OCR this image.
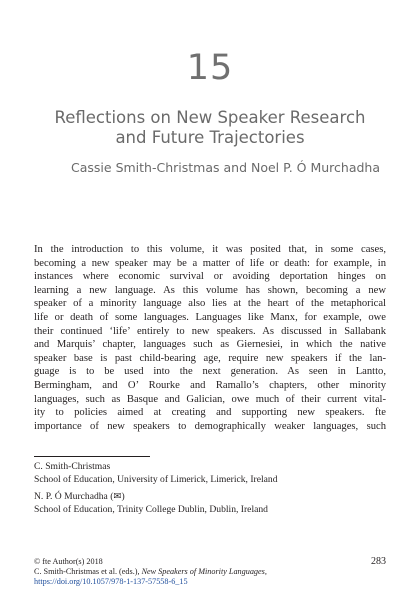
15
Reflections on New Speaker Research
and Future Trajectories
Cassie Smith-Christmas and Noel P. Ó Murchadha
In the introduction to this volume, it was posited that, in some cases,
becoming a new speaker may be a matter of life or death: for example, in
instances where economic survival or avoiding deportation hinges on
learning a new language. As this volume has shown, becoming a new
speaker of a minority language also lies at the heart of the metaphorical
life or death of some languages. Languages like Manx, for example, owe
their continued ‘life’ entirely to new speakers. As discussed in Sallabank
and Marquis’ chapter, languages such as Giernesiei, in which the native
speaker base is past child-bearing age, require new speakers if the lan-
guage is to be used into the next generation. As seen in Lantto,
Bermingham, and O’ Rourke and Ramallo’s chapters, other minority
languages, such as Basque and Galician, owe much of their current vital-
ity to policies aimed at creating and supporting new speakers. fte
importance of new speakers to demographically weaker languages, such
C. Smith-Christmas
School of Education, University of Limerick, Limerick, Ireland
N. P. Ó Murchadha (✉)
School of Education, Trinity College Dublin, Dublin, Ireland
© fte Author(s) 2018
C. Smith-Christmas et al. (eds.), New Speakers of Minority Languages,
https://doi.org/10.1057/978-1-137-57558-6_15
283
